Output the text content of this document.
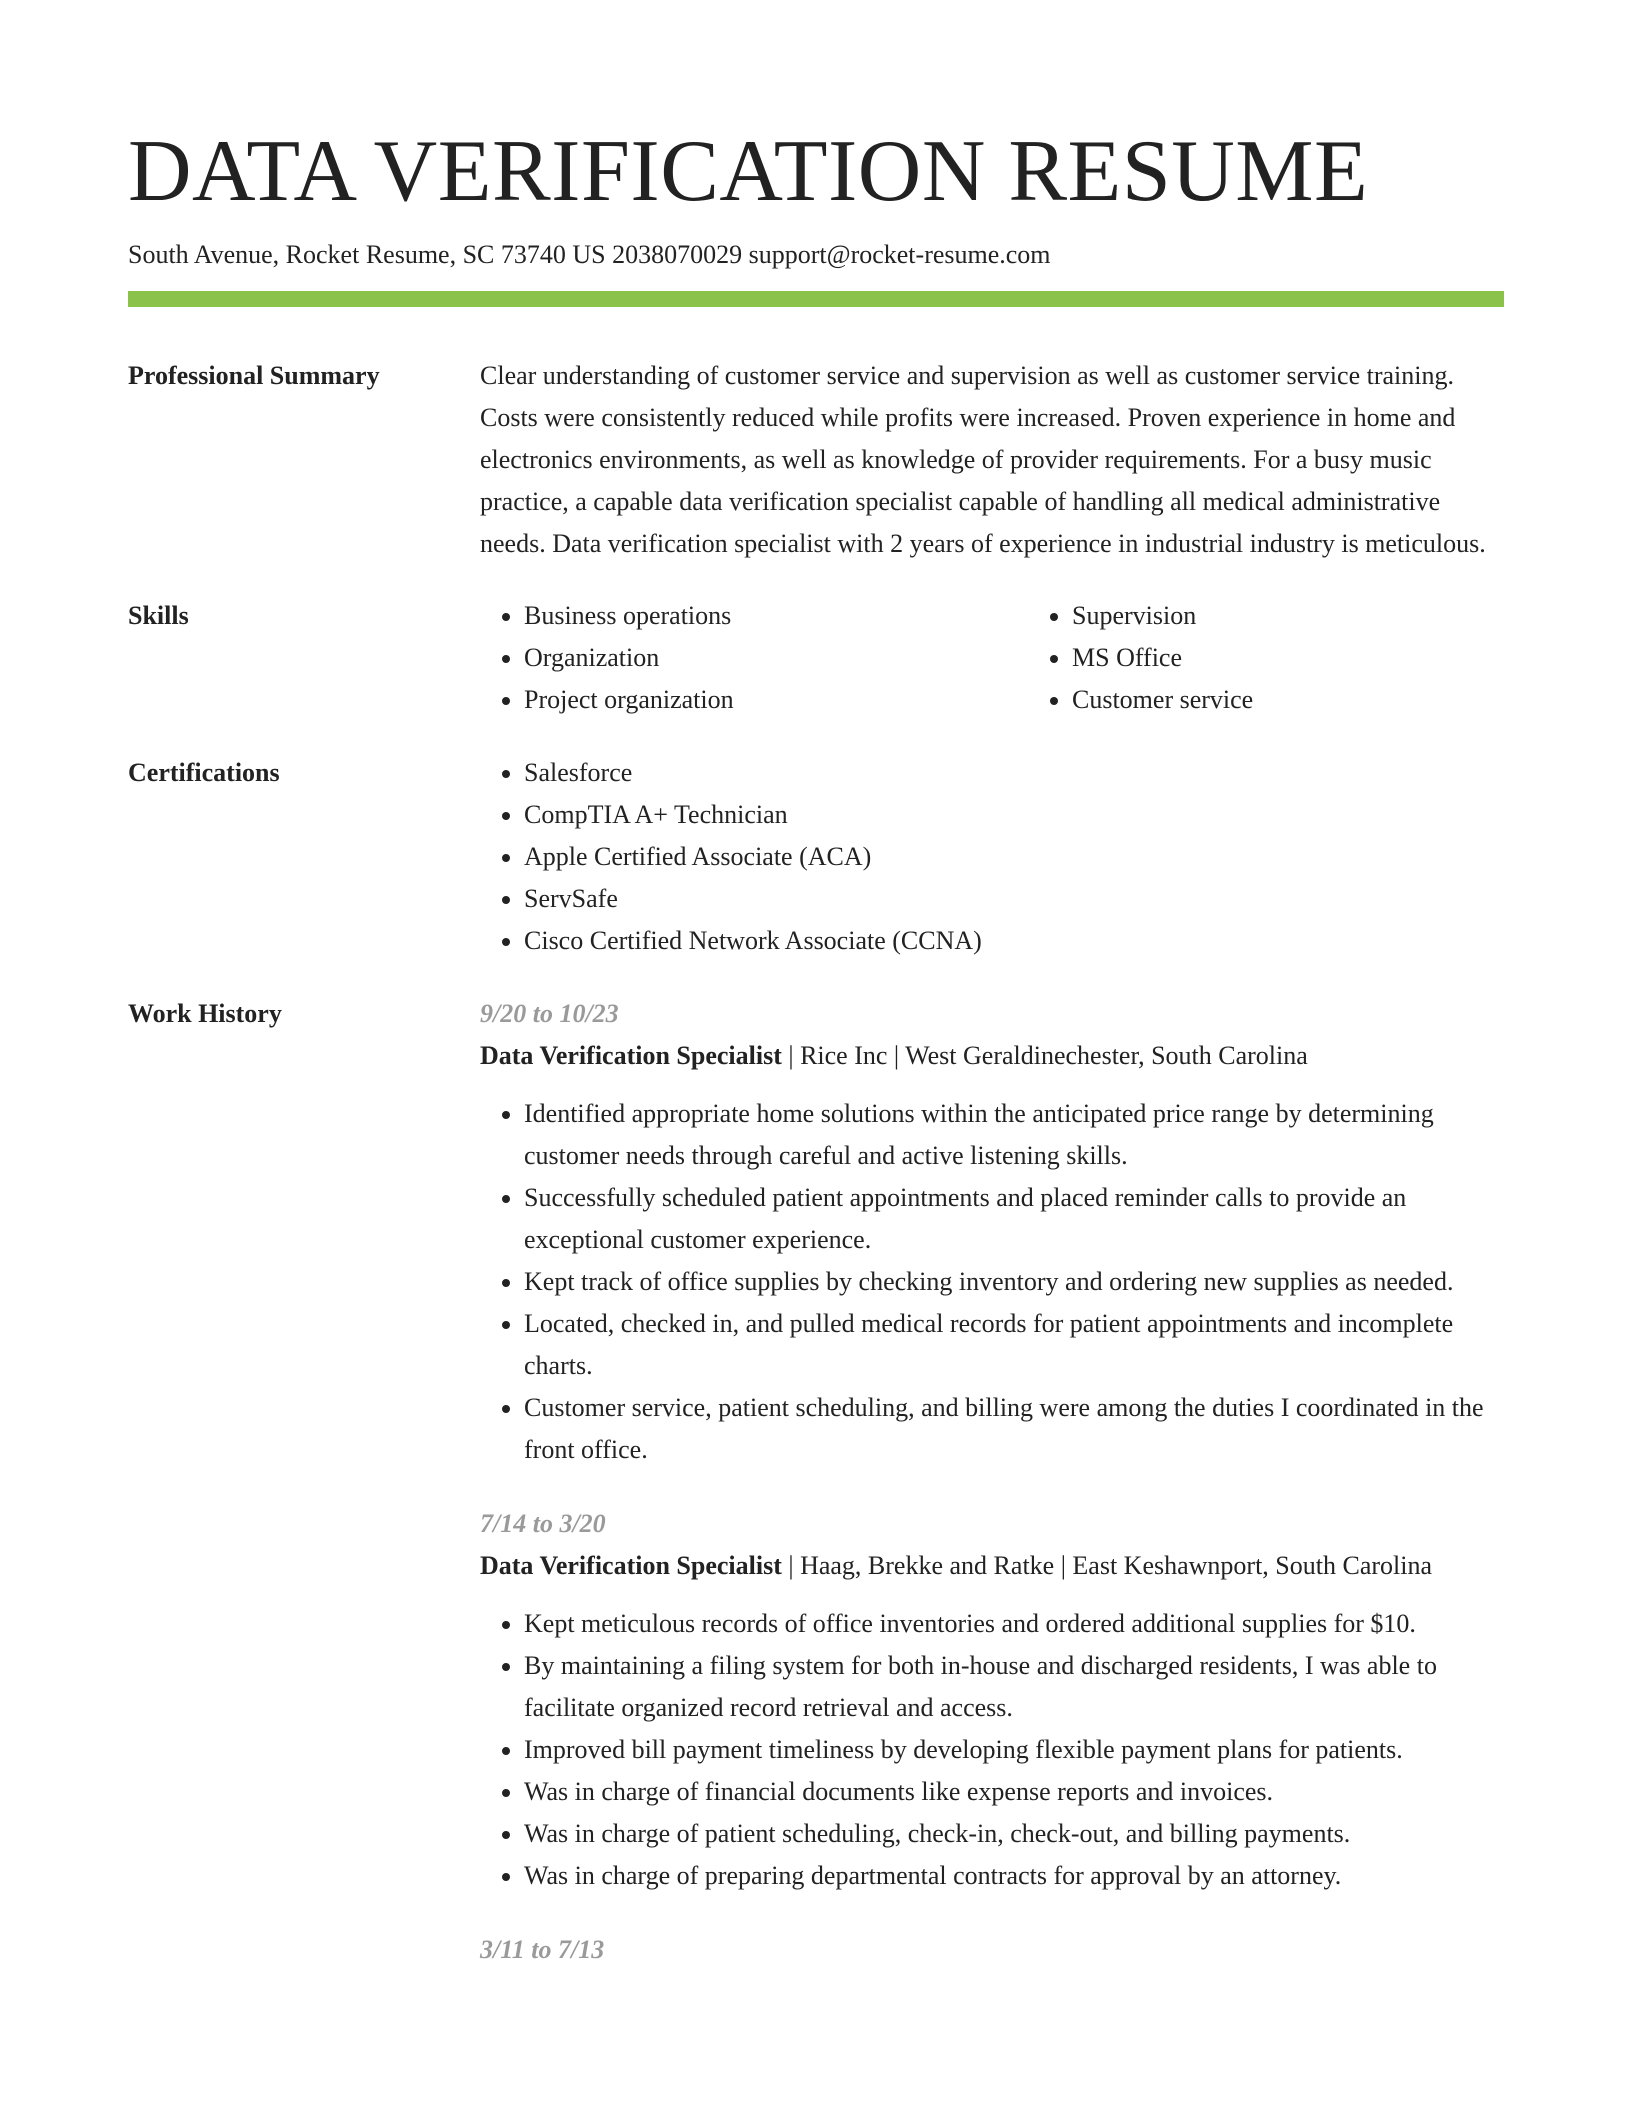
DATA VERIFICATION RESUME
South Avenue, Rocket Resume, SC 73740 US 2038070029 support@rocket-resume.com
Professional Summary	Clear understanding of customer service and supervision as well as customer service training. Costs were consistently reduced while profits were increased. Proven experience in home and electronics environments, as well as knowledge of provider requirements. For a busy music practice, a capable data verification specialist capable of handling all medical administrative needs. Data verification specialist with 2 years of experience in industrial industry is meticulous.

Skills	• Business operations
• Organization
• Project organization
• Supervision
• MS Office
• Customer service
Certifications	• Salesforce
• CompTIA A+ Technician
• Apple Certified Associate (ACA)
• ServSafe
• Cisco Certified Network Associate (CCNA)
Work History	9/20 to 10/23
Data Verification Specialist | Rice Inc | West Geraldinechester, South Carolina
• Identified appropriate home solutions within the anticipated price range by determining customer needs through careful and active listening skills.
• Successfully scheduled patient appointments and placed reminder calls to provide an exceptional customer experience.
• Kept track of office supplies by checking inventory and ordering new supplies as needed.
• Located, checked in, and pulled medical records for patient appointments and incomplete charts.
• Customer service, patient scheduling, and billing were among the duties I coordinated in the front office.
7/14 to 3/20
Data Verification Specialist | Haag, Brekke and Ratke | East Keshawnport, South Carolina
• Kept meticulous records of office inventories and ordered additional supplies for $10.
• By maintaining a filing system for both in-house and discharged residents, I was able to facilitate organized record retrieval and access.
• Improved bill payment timeliness by developing flexible payment plans for patients.
• Was in charge of financial documents like expense reports and invoices.
• Was in charge of patient scheduling, check-in, check-out, and billing payments.
• Was in charge of preparing departmental contracts for approval by an attorney.
3/11 to 7/13
